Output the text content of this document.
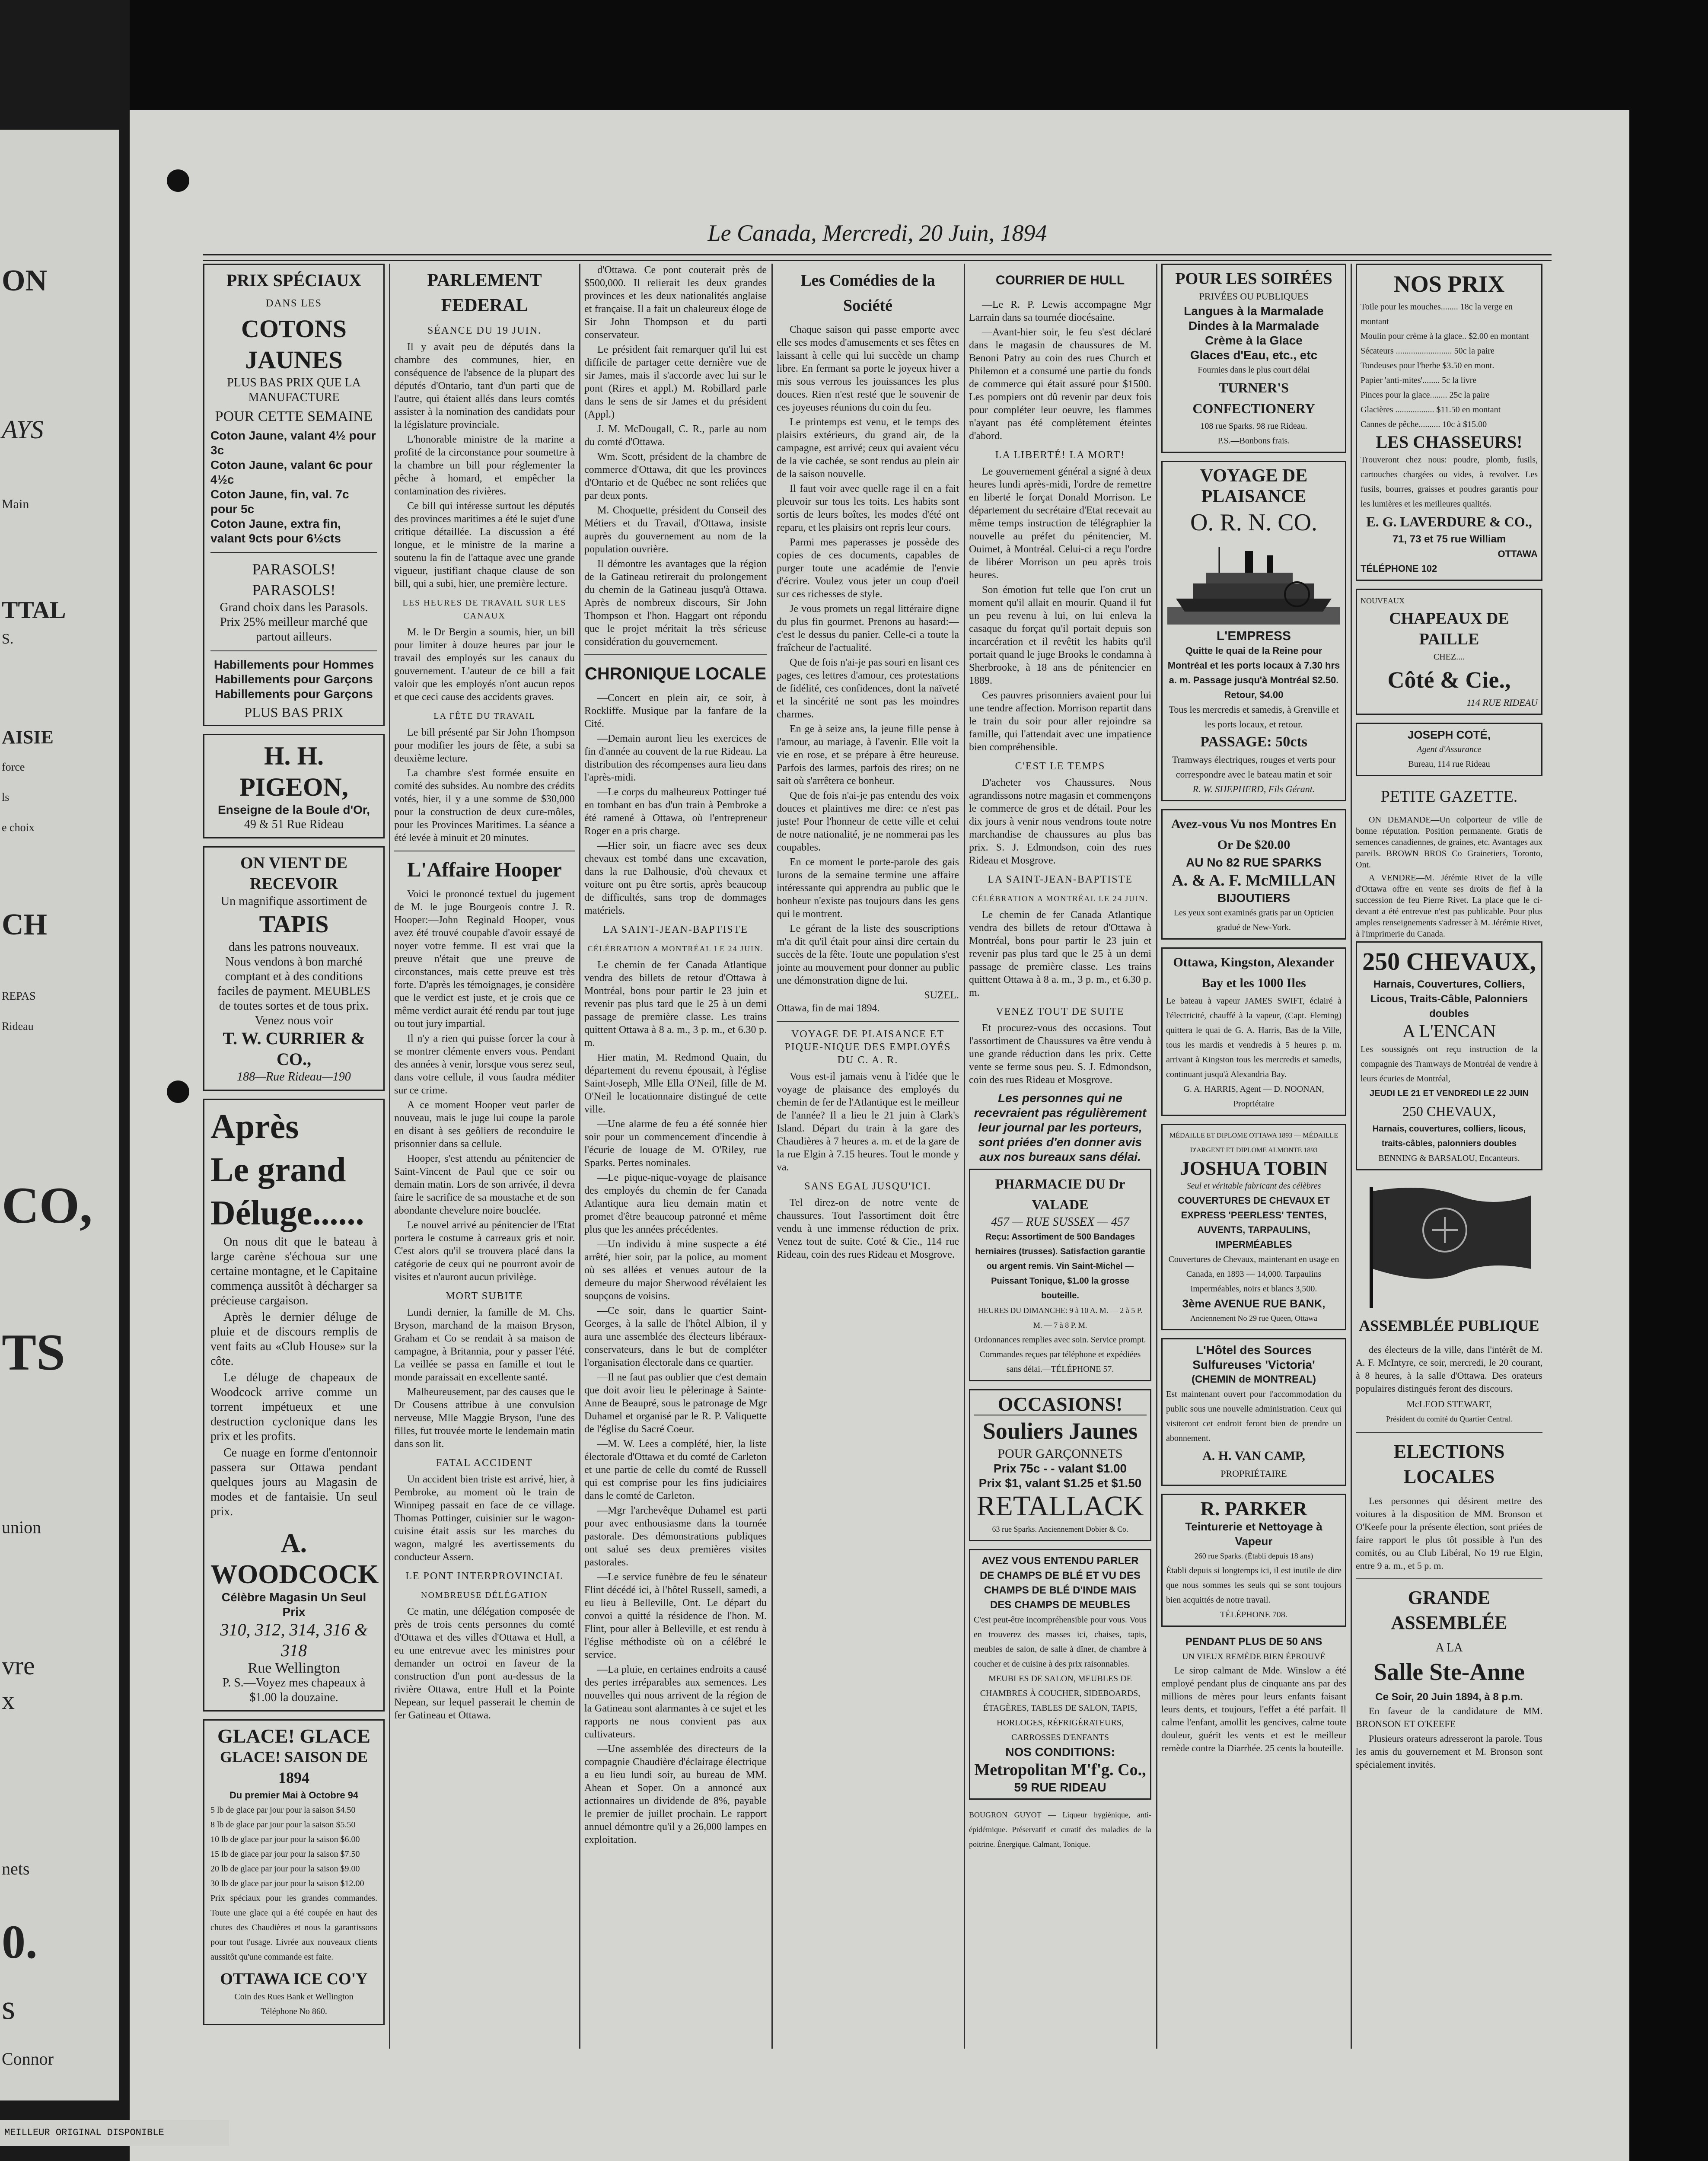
ON
AYS
Main
TTAL
S.
AISIE
force
ls
e choix
CH
REPAS
Rideau
CO,
TS
union
vre
x
nets
0.
s
Connor
Le Canada, Mercredi, 20 Juin, 1894
PRIX SPÉCIAUX
DANS LES
COTONS JAUNES
PLUS BAS PRIX QUE LA MANUFACTURE
POUR CETTE SEMAINE
Coton Jaune, valant 4½ pour 3c
Coton Jaune, valant 6c pour 4½c
Coton Jaune, fin, val. 7c pour 5c
Coton Jaune, extra fin, valant 9cts pour 6½cts
PARASOLS! PARASOLS!
Grand choix dans les Parasols. Prix 25% meilleur marché que partout ailleurs.
Habillements pour Hommes
Habillements pour Garçons
Habillements pour Garçons
PLUS BAS PRIX
H. H. PIGEON,
Enseigne de la Boule d'Or,
49 & 51 Rue Rideau
ON VIENT DE RECEVOIR
Un magnifique assortiment de
TAPIS
dans les patrons nouveaux.
Nous vendons à bon marché comptant et à des conditions faciles de payment. MEUBLES de toutes sortes et de tous prix. Venez nous voir
T. W. CURRIER & CO.,
188—Rue Rideau—190
Après
Le grand
Déluge......
On nous dit que le bateau à large carène s'échoua sur une certaine montagne, et le Capitaine commença aussitôt à décharger sa précieuse cargaison.
Après le dernier déluge de pluie et de discours remplis de vent faits au «Club House» sur la côte.
Le déluge de chapeaux de Woodcock arrive comme un torrent impétueux et une destruction cyclonique dans les prix et les profits.
Ce nuage en forme d'entonnoir passera sur Ottawa pendant quelques jours au Magasin de modes et de fantaisie. Un seul prix.
A. WOODCOCK
Célèbre Magasin Un Seul Prix
310, 312, 314, 316 & 318
Rue Wellington
P. S.—Voyez mes chapeaux à $1.00 la douzaine.
GLACE! GLACE
GLACE! SAISON DE 1894
Du premier Mai à Octobre 94
5 lb de glace par jour pour la saison $4.50
8 lb de glace par jour pour la saison $5.50
10 lb de glace par jour pour la saison $6.00
15 lb de glace par jour pour la saison $7.50
20 lb de glace par jour pour la saison $9.00
30 lb de glace par jour pour la saison $12.00
Prix spéciaux pour les grandes commandes. Toute une glace qui a été coupée en haut des chutes des Chaudières et nous la garantissons pour tout l'usage. Livrée aux nouveaux clients aussitôt qu'une commande est faite.
OTTAWA ICE CO'Y
Coin des Rues Bank et Wellington
Téléphone No 860.
PARLEMENT FEDERAL
SÉANCE DU 19 JUIN.

Il y avait peu de députés dans la chambre des communes, hier, en conséquence de l'absence de la plupart des députés d'Ontario, tant d'un parti que de l'autre, qui étaient allés dans leurs comtés assister à la nomination des candidats pour la législature provinciale.

L'honorable ministre de la marine a profité de la circonstance pour soumettre à la chambre un bill pour réglementer la pêche à homard, et empêcher la contamination des rivières.

Ce bill qui intéresse surtout les députés des provinces maritimes a été le sujet d'une critique détaillée. La discussion a été longue, et le ministre de la marine a soutenu la fin de l'attaque avec une grande vigueur, justifiant chaque clause de son bill, qui a subi, hier, une première lecture.

LES HEURES DE TRAVAIL SUR LES CANAUX

M. le Dr Bergin a soumis, hier, un bill pour limiter à douze heures par jour le travail des employés sur les canaux du gouvernement. L'auteur de ce bill a fait valoir que les employés n'ont aucun repos et que ceci cause des accidents graves.

LA FÊTE DU TRAVAIL

Le bill présenté par Sir John Thompson pour modifier les jours de fête, a subi sa deuxième lecture.

La chambre s'est formée ensuite en comité des subsides. Au nombre des crédits votés, hier, il y a une somme de $30,000 pour la construction de deux cure-môles, pour les Provinces Maritimes. La séance a été levée à minuit et 20 minutes.

L'Affaire Hooper

Voici le prononcé textuel du jugement de M. le juge Bourgeois contre J. R. Hooper:—John Reginald Hooper, vous avez été trouvé coupable d'avoir essayé de noyer votre femme. Il est vrai que la preuve n'était que une preuve de circonstances, mais cette preuve est très forte. D'après les témoignages, je considère que le verdict est juste, et je crois que ce même verdict aurait été rendu par tout juge ou tout jury impartial.

Il n'y a rien qui puisse forcer la cour à se montrer clémente envers vous. Pendant des années à venir, lorsque vous serez seul, dans votre cellule, il vous faudra méditer sur ce crime.

A ce moment Hooper veut parler de nouveau, mais le juge lui coupe la parole en disant à ses geôliers de reconduire le prisonnier dans sa cellule.

Hooper, s'est attendu au pénitencier de Saint-Vincent de Paul que ce soir ou demain matin. Lors de son arrivée, il devra faire le sacrifice de sa moustache et de son abondante chevelure noire bouclée.

Le nouvel arrivé au pénitencier de l'Etat portera le costume à carreaux gris et noir. C'est alors qu'il se trouvera placé dans la catégorie de ceux qui ne pourront avoir de visites et n'auront aucun privilège.

MORT SUBITE

Lundi dernier, la famille de M. Chs. Bryson, marchand de la maison Bryson, Graham et Co se rendait à sa maison de campagne, à Britannia, pour y passer l'été. La veillée se passa en famille et tout le monde paraissait en excellente santé.

Malheureusement, par des causes que le Dr Cousens attribue à une convulsion nerveuse, Mlle Maggie Bryson, l'une des filles, fut trouvée morte le lendemain matin dans son lit.

FATAL ACCIDENT

Un accident bien triste est arrivé, hier, à Pembroke, au moment où le train de Winnipeg passait en face de ce village. Thomas Pottinger, cuisinier sur le wagon-cuisine était assis sur les marches du wagon, malgré les avertissements du conducteur Assern.

LE PONT INTERPROVINCIAL
NOMBREUSE DÉLÉGATION

Ce matin, une délégation composée de près de trois cents personnes du comté d'Ottawa et des villes d'Ottawa et Hull, a eu une entrevue avec les ministres pour demander un octroi en faveur de la construction d'un pont au-dessus de la rivière Ottawa, entre Hull et la Pointe Nepean, sur lequel passerait le chemin de fer Gatineau et Ottawa.

d'Ottawa. Ce pont couterait près de $500,000. Il relierait les deux grandes provinces et les deux nationalités anglaise et française. Il a fait un chaleureux éloge de Sir John Thompson et du parti conservateur.

Le président fait remarquer qu'il lui est difficile de partager cette dernière vue de sir James, mais il s'accorde avec lui sur le pont (Rires et appl.) M. Robillard parle dans le sens de sir James et du président (Appl.)

J. M. McDougall, C. R., parle au nom du comté d'Ottawa.

Wm. Scott, président de la chambre de commerce d'Ottawa, dit que les provinces d'Ontario et de Québec ne sont reliées que par deux ponts.

M. Choquette, président du Conseil des Métiers et du Travail, d'Ottawa, insiste auprès du gouvernement au nom de la population ouvrière.

Il démontre les avantages que la région de la Gatineau retirerait du prolongement du chemin de la Gatineau jusqu'à Ottawa. Après de nombreux discours, Sir John Thompson et l'hon. Haggart ont répondu que le projet méritait la très sérieuse considération du gouvernement.

CHRONIQUE LOCALE

—Concert en plein air, ce soir, à Rockliffe. Musique par la fanfare de la Cité.

—Demain auront lieu les exercices de fin d'année au couvent de la rue Rideau. La distribution des récompenses aura lieu dans l'après-midi.

—Le corps du malheureux Pottinger tué en tombant en bas d'un train à Pembroke a été ramené à Ottawa, où l'entrepreneur Roger en a pris charge.

—Hier soir, un fiacre avec ses deux chevaux est tombé dans une excavation, dans la rue Dalhousie, d'où chevaux et voiture ont pu être sortis, après beaucoup de difficultés, sans trop de dommages matériels.

LA SAINT-JEAN-BAPTISTE
CÉLÉBRATION A MONTRÉAL LE 24 JUIN.

Le chemin de fer Canada Atlantique vendra des billets de retour d'Ottawa à Montréal, bons pour partir le 23 juin et revenir pas plus tard que le 25 à un demi passage de première classe. Les trains quittent Ottawa à 8 a. m., 3 p. m., et 6.30 p. m.

Hier matin, M. Redmond Quain, du département du revenu épousait, à l'église Saint-Joseph, Mlle Ella O'Neil, fille de M. O'Neil le locationnaire distingué de cette ville.

—Une alarme de feu a été sonnée hier soir pour un commencement d'incendie à l'écurie de louage de M. O'Riley, rue Sparks. Pertes nominales.

—Le pique-nique-voyage de plaisance des employés du chemin de fer Canada Atlantique aura lieu demain matin et promet d'être beaucoup patronné et même plus que les années précédentes.

—Un individu à mine suspecte a été arrêté, hier soir, par la police, au moment où ses allées et venues autour de la demeure du major Sherwood révélaient les soupçons de voisins.

—Ce soir, dans le quartier Saint-Georges, à la salle de l'hôtel Albion, il y aura une assemblée des électeurs libéraux-conservateurs, dans le but de compléter l'organisation électorale dans ce quartier.

—Il ne faut pas oublier que c'est demain que doit avoir lieu le pèlerinage à Sainte-Anne de Beaupré, sous le patronage de Mgr Duhamel et organisé par le R. P. Valiquette de l'église du Sacré Coeur.

—M. W. Lees a complété, hier, la liste électorale d'Ottawa et du comté de Carleton et une partie de celle du comté de Russell qui est comprise pour les fins judiciaires dans le comté de Carleton.

—Mgr l'archevêque Duhamel est parti pour avec enthousiasme dans la tournée pastorale. Des démonstrations publiques ont salué ses deux premières visites pastorales.

—Le service funèbre de feu le sénateur Flint décédé ici, à l'hôtel Russell, samedi, a eu lieu à Belleville, Ont. Le départ du convoi a quitté la résidence de l'hon. M. Flint, pour aller à Belleville, et est rendu à l'église méthodiste où on a célébré le service.

—La pluie, en certaines endroits a causé des pertes irréparables aux semences. Les nouvelles qui nous arrivent de la région de la Gatineau sont alarmantes à ce sujet et les rapports ne nous convient pas aux cultivateurs.

—Une assemblée des directeurs de la compagnie Chaudière d'éclairage électrique a eu lieu lundi soir, au bureau de MM. Ahean et Soper. On a annoncé aux actionnaires un dividende de 8%, payable le premier de juillet prochain. Le rapport annuel démontre qu'il y a 26,000 lampes en exploitation.

Les Comédies de la Société

Chaque saison qui passe emporte avec elle ses modes d'amusements et ses fêtes en laissant à celle qui lui succède un champ libre. En fermant sa porte le joyeux hiver a mis sous verrous les jouissances les plus douces. Rien n'est resté que le souvenir de ces joyeuses réunions du coin du feu.

Le printemps est venu, et le temps des plaisirs extérieurs, du grand air, de la campagne, est arrivé; ceux qui avaient vécu de la vie cachée, se sont rendus au plein air de la saison nouvelle.

Il faut voir avec quelle rage il en a fait pleuvoir sur tous les toits. Les habits sont sortis de leurs boîtes, les modes d'été ont reparu, et les plaisirs ont repris leur cours.

Parmi mes paperasses je possède des copies de ces documents, capables de purger toute une académie de l'envie d'écrire. Voulez vous jeter un coup d'oeil sur ces richesses de style.

Je vous promets un regal littéraire digne du plus fin gourmet. Prenons au hasard:—c'est le dessus du panier. Celle-ci a toute la fraîcheur de l'actualité.

Que de fois n'ai-je pas souri en lisant ces pages, ces lettres d'amour, ces protestations de fidélité, ces confidences, dont la naïveté et la sincérité ne sont pas les moindres charmes.

En ge à seize ans, la jeune fille pense à l'amour, au mariage, à l'avenir. Elle voit la vie en rose, et se prépare à être heureuse. Parfois des larmes, parfois des rires; on ne sait où s'arrêtera ce bonheur.

Que de fois n'ai-je pas entendu des voix douces et plaintives me dire: ce n'est pas juste! Pour l'honneur de cette ville et celui de notre nationalité, je ne nommerai pas les coupables.

En ce moment le porte-parole des gais lurons de la semaine termine une affaire intéressante qui apprendra au public que le bonheur n'existe pas toujours dans les gens qui le montrent.

Le gérant de la liste des souscriptions m'a dit qu'il était pour ainsi dire certain du succès de la fête. Toute une population s'est jointe au mouvement pour donner au public une démonstration digne de lui.

SUZEL.
Ottawa, fin de mai 1894.
VOYAGE DE PLAISANCE ET PIQUE-NIQUE DES EMPLOYÉS DU C. A. R.

Vous est-il jamais venu à l'idée que le voyage de plaisance des employés du chemin de fer de l'Atlantique est le meilleur de l'année? Il a lieu le 21 juin à Clark's Island. Départ du train à la gare des Chaudières à 7 heures a. m. et de la gare de la rue Elgin à 7.15 heures. Tout le monde y va.

SANS EGAL JUSQU'ICI.

Tel direz-on de notre vente de chaussures. Tout l'assortiment doit être vendu à une immense réduction de prix. Venez tout de suite. Coté & Cie., 114 rue Rideau, coin des rues Rideau et Mosgrove.

COURRIER DE HULL

—Le R. P. Lewis accompagne Mgr Larrain dans sa tournée diocésaine.

—Avant-hier soir, le feu s'est déclaré dans le magasin de chaussures de M. Benoni Patry au coin des rues Church et Philemon et a consumé une partie du fonds de commerce qui était assuré pour $1500. Les pompiers ont dû revenir par deux fois pour compléter leur oeuvre, les flammes n'ayant pas été complètement éteintes d'abord.

LA LIBERTÉ! LA MORT!

Le gouvernement général a signé à deux heures lundi après-midi, l'ordre de remettre en liberté le forçat Donald Morrison. Le département du secrétaire d'Etat recevait au même temps instruction de télégraphier la nouvelle au préfet du pénitencier, M. Ouimet, à Montréal. Celui-ci a reçu l'ordre de libérer Morrison un peu après trois heures.

Son émotion fut telle que l'on crut un moment qu'il allait en mourir. Quand il fut un peu revenu à lui, on lui enleva la casaque du forçat qu'il portait depuis son incarcération et il revêtit les habits qu'il portait quand le juge Brooks le condamna à Sherbrooke, à 18 ans de pénitencier en 1889.

Ces pauvres prisonniers avaient pour lui une tendre affection. Morrison repartit dans le train du soir pour aller rejoindre sa famille, qui l'attendait avec une impatience bien compréhensible.

C'EST LE TEMPS

D'acheter vos Chaussures. Nous agrandissons notre magasin et commençons le commerce de gros et de détail. Pour les dix jours à venir nous vendrons toute notre marchandise de chaussures au plus bas prix. S. J. Edmondson, coin des rues Rideau et Mosgrove.

LA SAINT-JEAN-BAPTISTE
CÉLÉBRATION A MONTRÉAL LE 24 JUIN.

Le chemin de fer Canada Atlantique vendra des billets de retour d'Ottawa à Montréal, bons pour partir le 23 juin et revenir pas plus tard que le 25 à un demi passage de première classe. Les trains quittent Ottawa à 8 a. m., 3 p. m., et 6.30 p. m.

VENEZ TOUT DE SUITE

Et procurez-vous des occasions. Tout l'assortiment de Chaussures va être vendu à une grande réduction dans les prix. Cette vente se ferme sous peu. S. J. Edmondson, coin des rues Rideau et Mosgrove.

Les personnes qui ne recevraient pas régulièrement leur journal par les porteurs, sont priées d'en donner avis aux nos bureaux sans délai.
PHARMACIE DU Dr VALADE
457 — RUE SUSSEX — 457
Reçu: Assortiment de 500 Bandages herniaires (trusses). Satisfaction garantie ou argent remis. Vin Saint-Michel — Puissant Tonique, $1.00 la grosse bouteille.
HEURES DU DIMANCHE: 9 à 10 A. M. — 2 à 5 P. M. — 7 à 8 P. M.
Ordonnances remplies avec soin. Service prompt. Commandes reçues par téléphone et expédiées sans délai.—TÉLÉPHONE 57.
OCCASIONS!
Souliers Jaunes
POUR GARÇONNETS
Prix 75c - - valant $1.00
Prix $1, valant $1.25 et $1.50
RETALLACK
63 rue Sparks. Anciennement Dobier & Co.
AVEZ VOUS ENTENDU PARLER DE CHAMPS DE BLÉ ET VU DES CHAMPS DE BLÉ D'INDE MAIS DES CHAMPS DE MEUBLES
C'est peut-être incompréhensible pour vous. Vous en trouverez des masses ici, chaises, tapis, meubles de salon, de salle à dîner, de chambre à coucher et de cuisine à des prix raisonnables.
MEUBLES DE SALON, MEUBLES DE CHAMBRES À COUCHER, SIDEBOARDS, ÉTAGÈRES, TABLES DE SALON, TAPIS, HORLOGES, RÉFRIGÉRATEURS, CARROSSES D'ENFANTS
NOS CONDITIONS:
Metropolitan M'f'g. Co.,
59 RUE RIDEAU
BOUGRON GUYOT — Liqueur hygiénique, anti-épidémique. Préservatif et curatif des maladies de la poitrine. Énergique. Calmant, Tonique.
POUR LES SOIRÉES
PRIVÉES OU PUBLIQUES
Langues à la Marmalade
Dindes à la Marmalade
Crème à la Glace
Glaces d'Eau, etc., etc
Fournies dans le plus court délai
TURNER'S CONFECTIONERY
108 rue Sparks. 98 rue Rideau.
P.S.—Bonbons frais.
VOYAGE DE PLAISANCE
O. R. N. CO.
L'EMPRESS
Quitte le quai de la Reine pour Montréal et les ports locaux à 7.30 hrs a. m. Passage jusqu'à Montréal $2.50. Retour, $4.00
Tous les mercredis et samedis, à Grenville et les ports locaux, et retour.
PASSAGE: 50cts
Tramways électriques, rouges et verts pour correspondre avec le bateau matin et soir
R. W. SHEPHERD, Fils Gérant.
Avez-vous Vu nos Montres En Or De $20.00
AU No 82 RUE SPARKS
A. & A. F. McMILLAN
BIJOUTIERS
Les yeux sont examinés gratis par un Opticien gradué de New-York.
Ottawa, Kingston, Alexander Bay et les 1000 Iles
Le bateau à vapeur JAMES SWIFT, éclairé à l'électricité, chauffé à la vapeur, (Capt. Fleming) quittera le quai de G. A. Harris, Bas de la Ville, tous les mardis et vendredis à 5 heures p. m. arrivant à Kingston tous les mercredis et samedis, continuant jusqu'à Alexandria Bay.
G. A. HARRIS, Agent — D. NOONAN, Propriétaire
MÉDAILLE ET DIPLOME OTTAWA 1893 — MÉDAILLE D'ARGENT ET DIPLOME ALMONTE 1893
JOSHUA TOBIN
Seul et véritable fabricant des célèbres
COUVERTURES DE CHEVAUX ET EXPRESS 'PEERLESS' TENTES, AUVENTS, TARPAULINS, IMPERMÉABLES
Couvertures de Chevaux, maintenant en usage en Canada, en 1893 — 14,000. Tarpaulins imperméables, noirs et blancs 3,500.
3ème AVENUE RUE BANK,
Anciennement No 29 rue Queen, Ottawa
L'Hôtel des Sources Sulfureuses 'Victoria'
(CHEMIN de MONTREAL)
Est maintenant ouvert pour l'accommodation du public sous une nouvelle administration. Ceux qui visiteront cet endroit feront bien de prendre un abonnement.
A. H. VAN CAMP,
PROPRIÉTAIRE
R. PARKER
Teinturerie et Nettoyage à Vapeur
260 rue Sparks. (Établi depuis 18 ans)
Établi depuis si longtemps ici, il est inutile de dire que nous sommes les seuls qui se sont toujours bien acquittés de notre travail.
TÉLÉPHONE 708.
PENDANT PLUS DE 50 ANS
UN VIEUX REMÈDE BIEN ÉPROUVÉ

Le sirop calmant de Mde. Winslow a été employé pendant plus de cinquante ans par des millions de mères pour leurs enfants faisant leurs dents, et toujours, l'effet a été parfait. Il calme l'enfant, amollit les gencives, calme toute douleur, guérit les vents et est le meilleur remède contre la Diarrhée. 25 cents la bouteille.

NOS PRIX
Toile pour les mouches........ 18c la verge en montant
Moulin pour crème à la glace.. $2.00 en montant
Sécateurs .......................... 50c la paire
Tondeuses pour l'herbe $3.50 en mont.
Papier 'anti-mites'........ 5c la livre
Pinces pour la glace........ 25c la paire
Glacières .................. $11.50 en montant
Cannes de pêche.......... 10c à $15.00
LES CHASSEURS!
Trouveront chez nous: poudre, plomb, fusils, cartouches chargées ou vides, à revolver. Les fusils, bourres, graisses et poudres garantis pour les lumières et les meilleures qualités.
E. G. LAVERDURE & CO.,
71, 73 et 75 rue William
OTTAWA
TÉLÉPHONE 102
NOUVEAUX
CHAPEAUX DE PAILLE
CHEZ....
Côté & Cie.,
114 RUE RIDEAU
JOSEPH COTÉ,
Agent d'Assurance
Bureau, 114 rue Rideau
PETITE GAZETTE.

ON DEMANDE—Un colporteur de ville de bonne réputation. Position permanente. Gratis de semences canadiennes, de graines, etc. Avantages aux pareils. BROWN BROS Co Grainetiers, Toronto, Ont.

A VENDRE—M. Jérémie Rivet de la ville d'Ottawa offre en vente ses droits de fief à la succession de feu Pierre Rivet. La place que le ci-devant a été entrevue n'est pas publicable. Pour plus amples renseignements s'adresser à M. Jérémie Rivet, à l'imprimerie du Canada.

250 CHEVAUX,
Harnais, Couvertures, Colliers, Licous, Traits-Câble, Palonniers doubles
A L'ENCAN
Les soussignés ont reçu instruction de la compagnie des Tramways de Montréal de vendre à leurs écuries de Montréal,
JEUDI LE 21 ET VENDREDI LE 22 JUIN
250 CHEVAUX,
Harnais, couvertures, colliers, licous, traits-câbles, palonniers doubles
BENNING & BARSALOU, Encanteurs.
ASSEMBLÉE PUBLIQUE

des électeurs de la ville, dans l'intérêt de M. A. F. McIntyre, ce soir, mercredi, le 20 courant, à 8 heures, à la salle d'Ottawa. Des orateurs populaires distingués feront des discours.

McLEOD STEWART,
Président du comité du Quartier Central.
ELECTIONS LOCALES

Les personnes qui désirent mettre des voitures à la disposition de MM. Bronson et O'Keefe pour la présente élection, sont priées de faire rapport le plus tôt possible à l'un des comités, ou au Club Libéral, No 19 rue Elgin, entre 9 a. m., et 5 p. m.

GRANDE ASSEMBLÉE
A LA
Salle Ste-Anne
Ce Soir, 20 Juin 1894, à 8 p.m.

En faveur de la candidature de MM. BRONSON ET O'KEEFE

Plusieurs orateurs adresseront la parole. Tous les amis du gouvernement et M. Bronson sont spécialement invités.

MEILLEUR ORIGINAL DISPONIBLE
